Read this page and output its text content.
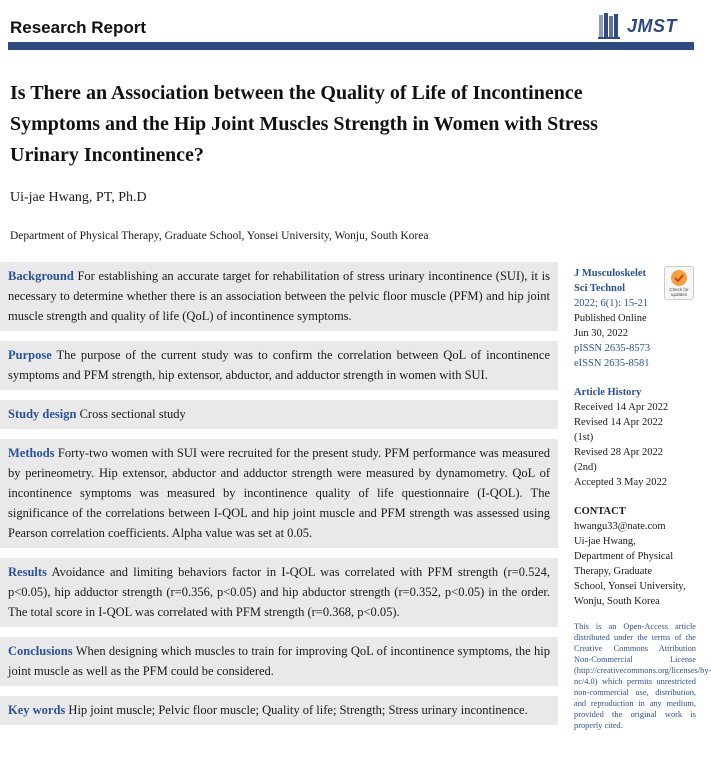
Research Report	JMST
Is There an Association between the Quality of Life of Incontinence Symptoms and the Hip Joint Muscles Strength in Women with Stress Urinary Incontinence?
Ui-jae Hwang, PT, Ph.D
Department of Physical Therapy, Graduate School, Yonsei University, Wonju, South Korea
Background For establishing an accurate target for rehabilitation of stress urinary incontinence (SUI), it is necessary to determine whether there is an association between the pelvic floor muscle (PFM) and hip joint muscle strength and quality of life (QoL) of incontinence symptoms.
Purpose The purpose of the current study was to confirm the correlation between QoL of incontinence symptoms and PFM strength, hip extensor, abductor, and adductor strength in women with SUI.
Study design Cross sectional study
Methods Forty-two women with SUI were recruited for the present study. PFM performance was measured by perineometry. Hip extensor, abductor and adductor strength were measured by dynamometry. QoL of incontinence symptoms was measured by incontinence quality of life questionnaire (I-QOL). The significance of the correlations between I-QOL and hip joint muscle and PFM strength was assessed using Pearson correlation coefficients. Alpha value was set at 0.05.
Results Avoidance and limiting behaviors factor in I-QOL was correlated with PFM strength (r=0.524, p<0.05), hip adductor strength (r=0.356, p<0.05) and hip abductor strength (r=0.352, p<0.05) in the order. The total score in I-QOL was correlated with PFM strength (r=0.368, p<0.05).
Conclusions When designing which muscles to train for improving QoL of incontinence symptoms, the hip joint muscle as well as the PFM could be considered.
Key words Hip joint muscle; Pelvic floor muscle; Quality of life; Strength; Stress urinary incontinence.
Check for updates
J Musculoskelet Sci Technol
2022; 6(1): 15-21
Published Online
Jun 30, 2022
pISSN 2635-8573
eISSN 2635-8581
Article History
Received 14 Apr 2022
Revised 14 Apr 2022
(1st)
Revised 28 Apr 2022
(2nd)
Accepted 3 May 2022
CONTACT
hwangu33@nate.com
Ui-jae Hwang,
Department of Physical
Therapy, Graduate
School, Yonsei University,
Wonju, South Korea

This is an Open-Access article distributed under the terms of the Creative Commons Attribution Non-Commercial License (http://creativecommons.org/licenses/by-nc/4.0) which permits unrestricted non-commercial use, distribution, and reproduction in any medium, provided the original work is properly cited.
